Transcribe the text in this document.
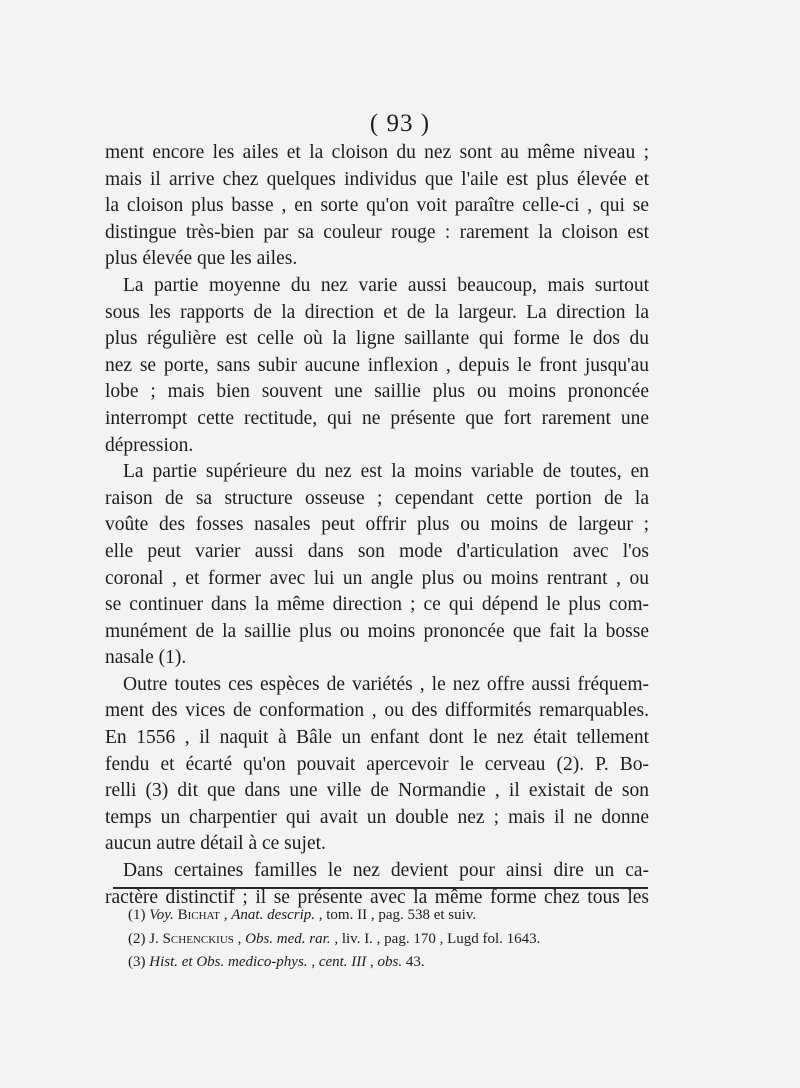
( 93 )
ment encore les ailes et la cloison du nez sont au même niveau ;
mais il arrive chez quelques individus que l'aile est plus élevée et
la cloison plus basse , en sorte qu'on voit paraître celle-ci , qui se
distingue très-bien par sa couleur rouge : rarement la cloison est
plus élevée que les ailes.
La partie moyenne du nez varie aussi beaucoup, mais surtout
sous les rapports de la direction et de la largeur. La direction la
plus régulière est celle où la ligne saillante qui forme le dos du
nez se porte, sans subir aucune inflexion , depuis le front jusqu'au
lobe ; mais bien souvent une saillie plus ou moins prononcée
interrompt cette rectitude, qui ne présente que fort rarement une
dépression.
La partie supérieure du nez est la moins variable de toutes, en
raison de sa structure osseuse ; cependant cette portion de la
voûte des fosses nasales peut offrir plus ou moins de largeur ;
elle peut varier aussi dans son mode d'articulation avec l'os
coronal , et former avec lui un angle plus ou moins rentrant , ou
se continuer dans la même direction ; ce qui dépend le plus com-
munément de la saillie plus ou moins prononcée que fait la bosse
nasale (1).
Outre toutes ces espèces de variétés , le nez offre aussi fréquem-
ment des vices de conformation , ou des difformités remarquables.
En 1556 , il naquit à Bâle un enfant dont le nez était tellement
fendu et écarté qu'on pouvait apercevoir le cerveau (2). P. Bo-
relli (3) dit que dans une ville de Normandie , il existait de son
temps un charpentier qui avait un double nez ; mais il ne donne
aucun autre détail à ce sujet.
Dans certaines familles le nez devient pour ainsi dire un ca-
ractère distinctif ; il se présente avec la même forme chez tous les
(1) Voy. Bichat , Anat. descrip. , tom. II , pag. 538 et suiv.
(2) J. Schenckius , Obs. med. rar. , liv. I. , pag. 170 , Lugd fol. 1643.
(3) Hist. et Obs. medico-phys. , cent. III , obs. 43.
